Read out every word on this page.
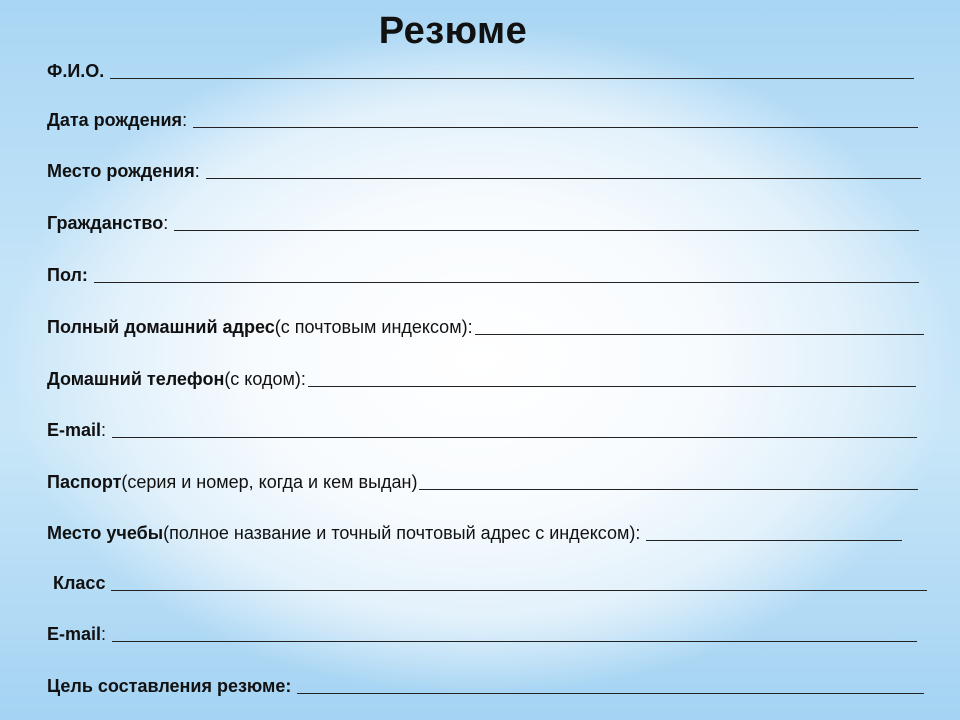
Резюме
Ф.И.О.
Дата рождения :
Место рождения :
Гражданство :
Пол:
Полный домашний адрес (с почтовым индексом):
Домашний телефон (с кодом):
E-mail :
Паспорт (серия и номер, когда и кем выдан)
Место учебы (полное название и точный почтовый адрес с индексом):
Класс
E-mail :
Цель составления резюме:
